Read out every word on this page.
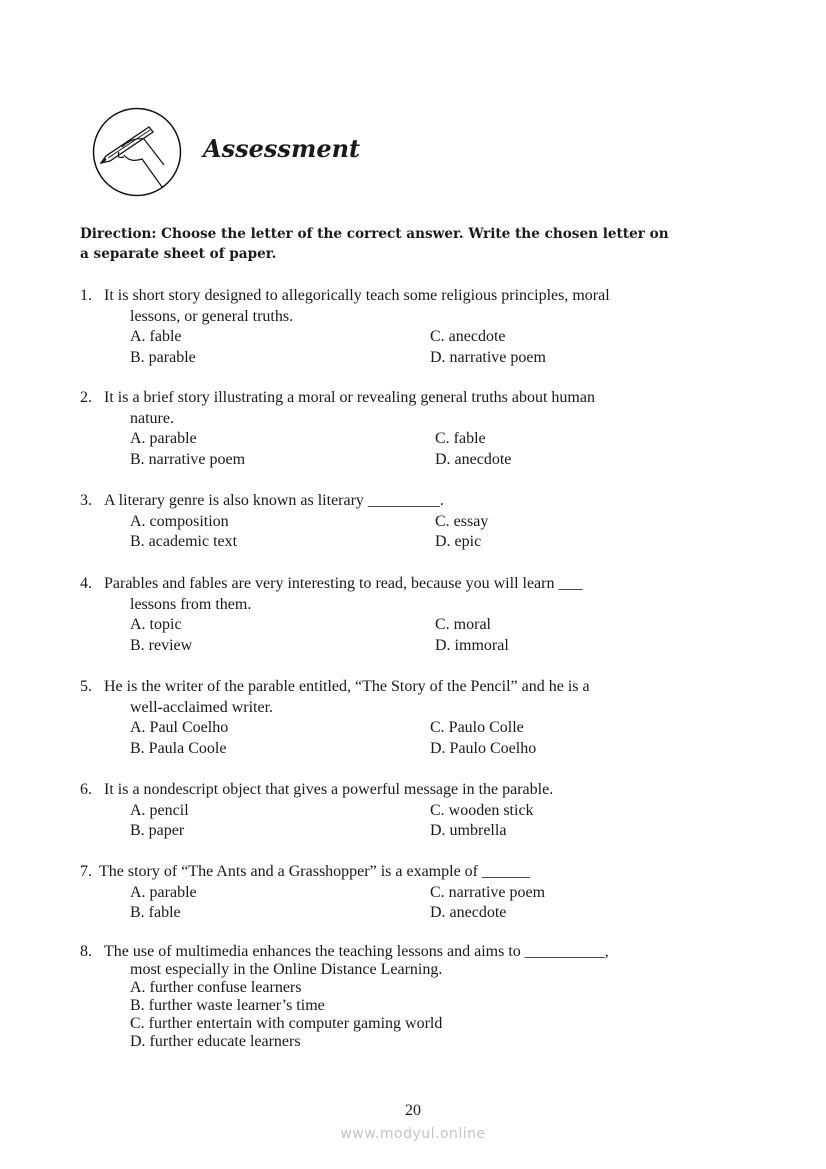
Assessment
Direction: Choose the letter of the correct answer. Write the chosen letter on
a separate sheet of paper.
1. It is short story designed to allegorically teach some religious principles, moral
lessons, or general truths.
A. fable	C. anecdote
B. parable	D. narrative poem
2. It is a brief story illustrating a moral or revealing general truths about human
nature.
A. parable	C. fable
B. narrative poem	D. anecdote
3. A literary genre is also known as literary _________.
A. composition	C. essay
B. academic text	D. epic
4. Parables and fables are very interesting to read, because you will learn ___
lessons from them.
A. topic	C. moral
B. review	D. immoral
5. He is the writer of the parable entitled, “The Story of the Pencil” and he is a
well-acclaimed writer.
A. Paul Coelho	C. Paulo Colle
B. Paula Coole	D. Paulo Coelho
6. It is a nondescript object that gives a powerful message in the parable.
A. pencil	C. wooden stick
B. paper	D. umbrella
7. The story of “The Ants and a Grasshopper” is a example of ______
A. parable	C. narrative poem
B. fable	D. anecdote
8. The use of multimedia enhances the teaching lessons and aims to __________,
most especially in the Online Distance Learning.
A. further confuse learners
B. further waste learner’s time
C. further entertain with computer gaming world
D. further educate learners
20
www.modyul.online
